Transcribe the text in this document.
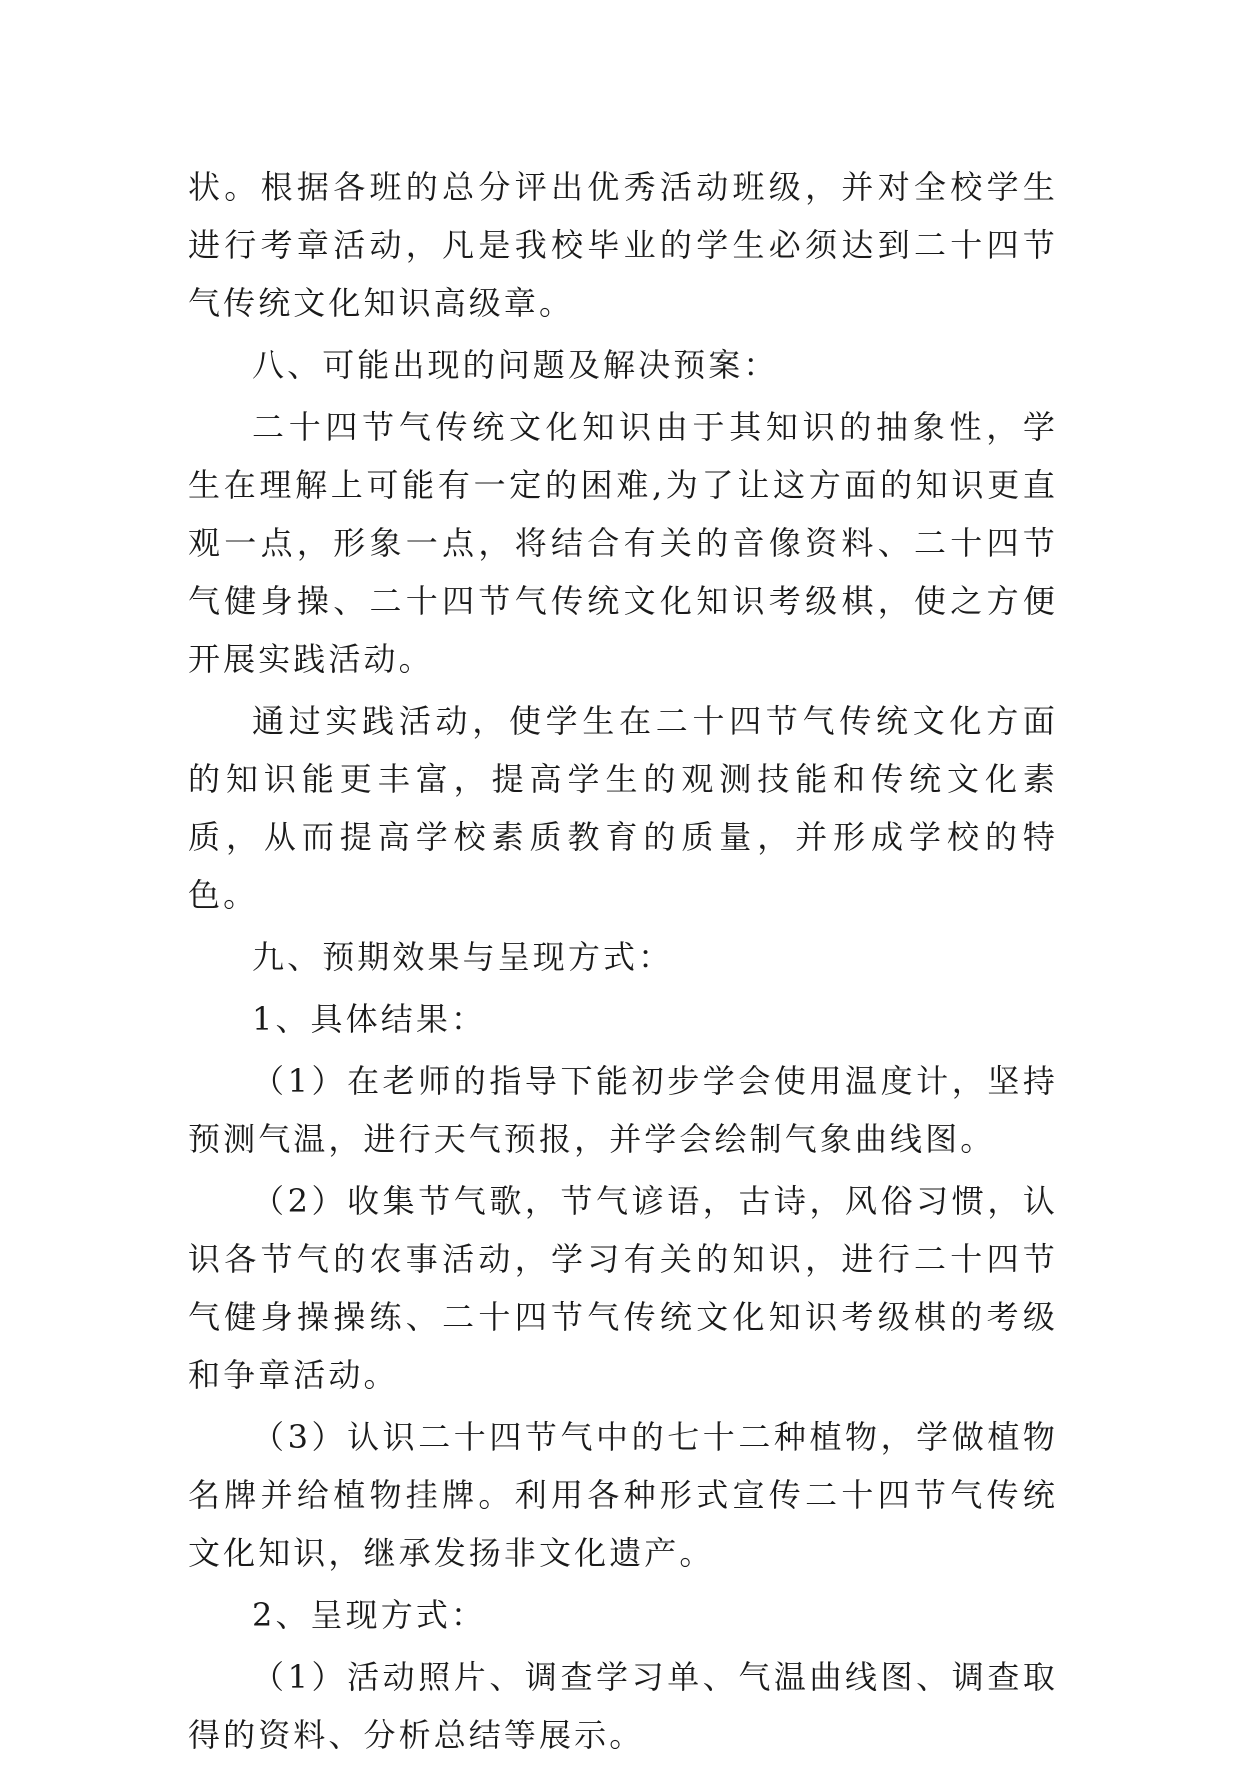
状。根据各班的总分评出优秀活动班级，并对全校学生进行考章活动，凡是我校毕业的学生必须达到二十四节气传统文化知识高级章。

八、可能出现的问题及解决预案：

二十四节气传统文化知识由于其知识的抽象性，学生在理解上可能有一定的困难,为了让这方面的知识更直观一点，形象一点，将结合有关的音像资料、二十四节气健身操、二十四节气传统文化知识考级棋，使之方便开展实践活动。

通过实践活动，使学生在二十四节气传统文化方面的知识能更丰富，提高学生的观测技能和传统文化素质，从而提高学校素质教育的质量，并形成学校的特色。

九、预期效果与呈现方式：

1、具体结果：

（1）在老师的指导下能初步学会使用温度计，坚持预测气温，进行天气预报，并学会绘制气象曲线图。

（2）收集节气歌，节气谚语，古诗，风俗习惯，认识各节气的农事活动，学习有关的知识，进行二十四节气健身操操练、二十四节气传统文化知识考级棋的考级和争章活动。

（3）认识二十四节气中的七十二种植物，学做植物名牌并给植物挂牌。利用各种形式宣传二十四节气传统文化知识，继承发扬非文化遗产。

2、呈现方式：

（1）活动照片、调查学习单、气温曲线图、调查取得的资料、分析总结等展示。
